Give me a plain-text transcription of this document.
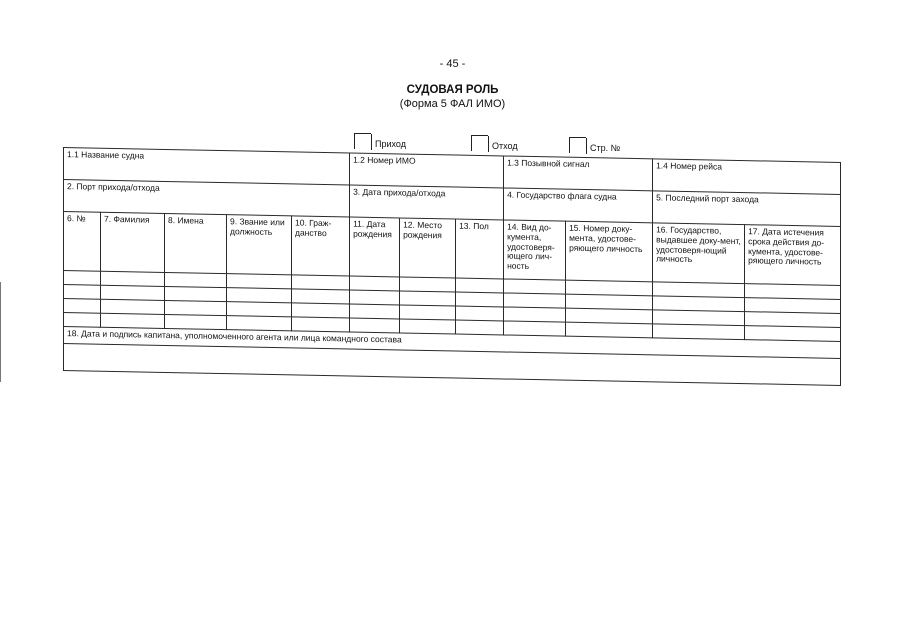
- 45 -
СУДОВАЯ РОЛЬ
(Форма 5 ФАЛ ИМО)
Приход	Отход	Стр. №
1.1 Название судна					1.2 Номер ИМО			1.3 Позывной сигнал		1.4 Номер рейса	
2. Порт прихода/отхода					3. Дата прихода/отхода			4. Государство флага судна		5. Последний порт захода	
6. №	7. Фамилия	8. Имена	9. Звание или должность	10. Граж-данство	11. Дата рождения	12. Место рождения	13. Пол	14. Вид до-кумента, удостоверя-ющего лич-ность	15. Номер доку-мента, удостове-ряющего личность	16. Государство, выдавшее доку-мент, удостоверя-ющий личность	17. Дата истечения срока действия до-кумента, удостове-ряющего личность

18. Дата и подпись капитана, уполномоченного агента или лица командного состава											
